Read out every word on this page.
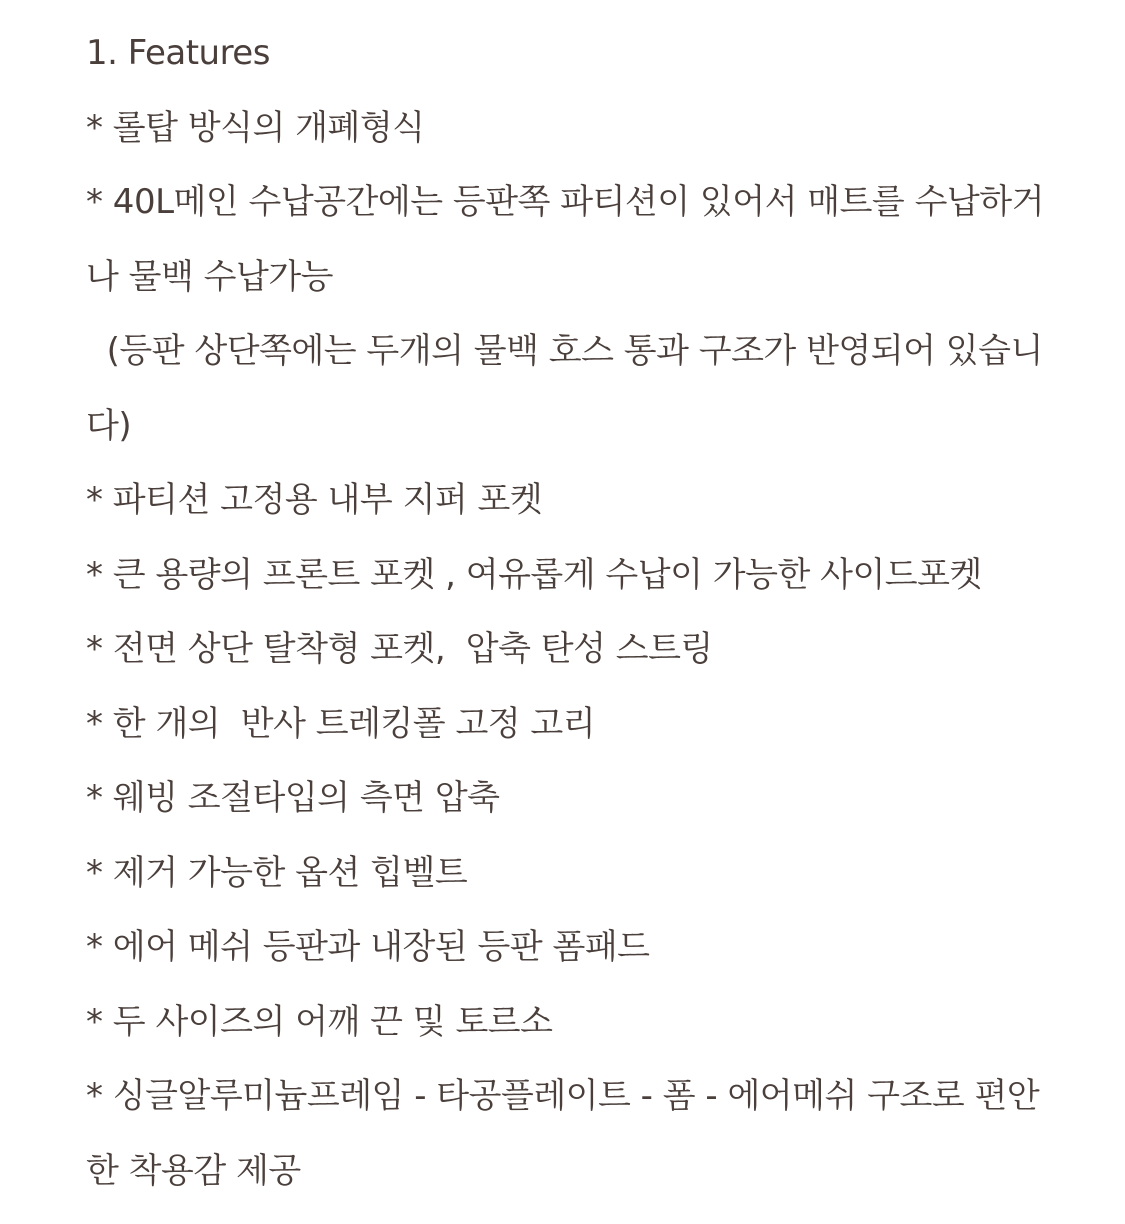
1. Features
* 롤탑 방식의 개폐형식
* 40L메인 수납공간에는 등판쪽 파티션이 있어서 매트를 수납하거
나 물백 수납가능
(등판 상단쪽에는 두개의 물백 호스 통과 구조가 반영되어 있습니
다)
* 파티션 고정용 내부 지퍼 포켓
* 큰 용량의 프론트 포켓 , 여유롭게 수납이 가능한 사이드포켓
* 전면 상단 탈착형 포켓,  압축 탄성 스트링
* 한 개의  반사 트레킹폴 고정 고리
* 웨빙 조절타입의 측면 압축
* 제거 가능한 옵션 힙벨트
* 에어 메쉬 등판과 내장된 등판 폼패드
* 두 사이즈의 어깨 끈 및 토르소
* 싱글알루미늄프레임 - 타공플레이트 - 폼 - 에어메쉬 구조로 편안
한 착용감 제공
